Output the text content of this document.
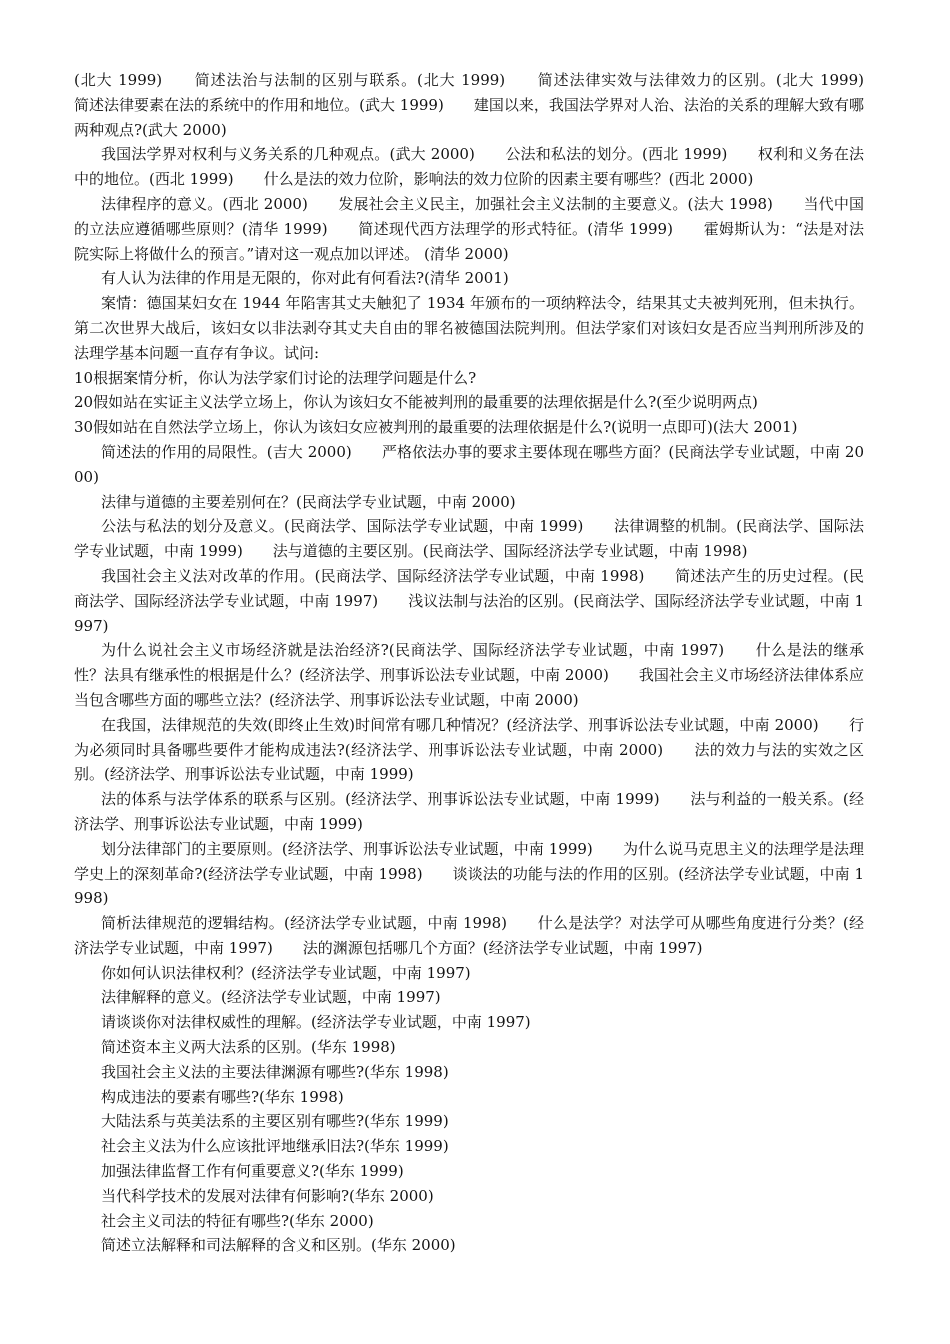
(北大 1999)　　简述法治与法制的区别与联系。(北大 1999)　　简述法律实效与法律效力的区别。(北大 1999)　　简述法律要素在法的系统中的作用和地位。(武大 1999)　　建国以来，我国法学界对人治、法治的关系的理解大致有哪两种观点?(武大 2000)

我国法学界对权利与义务关系的几种观点。(武大 2000)　　公法和私法的划分。(西北 1999)　　权利和义务在法中的地位。(西北 1999)　　什么是法的效力位阶，影响法的效力位阶的因素主要有哪些？(西北 2000)

法律程序的意义。(西北 2000)　　发展社会主义民主，加强社会主义法制的主要意义。(法大 1998)　　当代中国的立法应遵循哪些原则？(清华 1999)　　简述现代西方法理学的形式特征。(清华 1999)　　霍姆斯认为：“法是对法院实际上将做什么的预言。”请对这一观点加以评述。 (清华 2000)

有人认为法律的作用是无限的，你对此有何看法?(清华 2001)

案情：德国某妇女在 1944 年陷害其丈夫触犯了 1934 年颁布的一项纳粹法令，结果其丈夫被判死刑，但未执行。第二次世界大战后，该妇女以非法剥夺其丈夫自由的罪名被德国法院判刑。但法学家们对该妇女是否应当判刑所涉及的法理学基本问题一直存有争议。试问:

10根据案情分析，你认为法学家们讨论的法理学问题是什么?

20假如站在实证主义法学立场上，你认为该妇女不能被判刑的最重要的法理依据是什么?(至少说明两点)

30假如站在自然法学立场上，你认为该妇女应被判刑的最重要的法理依据是什么?(说明一点即可)(法大 2001)

简述法的作用的局限性。(吉大 2000)　　严格依法办事的要求主要体现在哪些方面？(民商法学专业试题，中南 2000)

法律与道德的主要差别何在？(民商法学专业试题，中南 2000)

公法与私法的划分及意义。(民商法学、国际法学专业试题，中南 1999)　　法律调整的机制。(民商法学、国际法学专业试题，中南 1999)　　法与道德的主要区别。(民商法学、国际经济法学专业试题，中南 1998)

我国社会主义法对改革的作用。(民商法学、国际经济法学专业试题，中南 1998)　　简述法产生的历史过程。(民商法学、国际经济法学专业试题，中南 1997)　　浅议法制与法治的区别。(民商法学、国际经济法学专业试题，中南 1997)

为什么说社会主义市场经济就是法治经济?(民商法学、国际经济法学专业试题，中南 1997)　　什么是法的继承性？法具有继承性的根据是什么？(经济法学、刑事诉讼法专业试题，中南 2000)　　我国社会主义市场经济法律体系应当包含哪些方面的哪些立法？(经济法学、刑事诉讼法专业试题，中南 2000)

在我国，法律规范的失效(即终止生效)时间常有哪几种情况？(经济法学、刑事诉讼法专业试题，中南 2000)　　行为必须同时具备哪些要件才能构成违法?(经济法学、刑事诉讼法专业试题，中南 2000)　　法的效力与法的实效之区别。(经济法学、刑事诉讼法专业试题，中南 1999)

法的体系与法学体系的联系与区别。(经济法学、刑事诉讼法专业试题，中南 1999)　　法与利益的一般关系。(经济法学、刑事诉讼法专业试题，中南 1999)

划分法律部门的主要原则。(经济法学、刑事诉讼法专业试题，中南 1999)　　为什么说马克思主义的法理学是法理学史上的深刻革命?(经济法学专业试题，中南 1998)　　谈谈法的功能与法的作用的区别。(经济法学专业试题，中南 1998)

简析法律规范的逻辑结构。(经济法学专业试题，中南 1998)　　什么是法学？对法学可从哪些角度进行分类？(经济法学专业试题，中南 1997)　　法的渊源包括哪几个方面？(经济法学专业试题，中南 1997)

你如何认识法律权利？(经济法学专业试题，中南 1997)

法律解释的意义。(经济法学专业试题，中南 1997)

请谈谈你对法律权威性的理解。(经济法学专业试题，中南 1997)

简述资本主义两大法系的区别。(华东 1998)

我国社会主义法的主要法律渊源有哪些?(华东 1998)

构成违法的要素有哪些?(华东 1998)

大陆法系与英美法系的主要区别有哪些?(华东 1999)

社会主义法为什么应该批评地继承旧法?(华东 1999)

加强法律监督工作有何重要意义?(华东 1999)

当代科学技术的发展对法律有何影响?(华东 2000)

社会主义司法的特征有哪些?(华东 2000)

简述立法解释和司法解释的含义和区别。(华东 2000)
